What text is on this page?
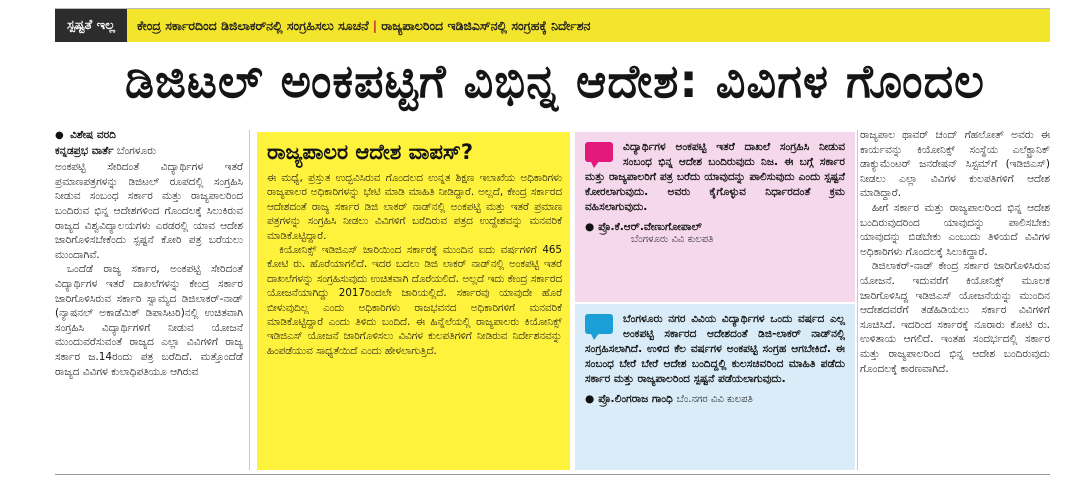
ಸ್ಪಷ್ಟತೆ ಇಲ್ಲ	ಕೇಂದ್ರ ಸರ್ಕಾರದಿಂದ ಡಿಜಿಲಾಕರ್‌ನಲ್ಲಿ ಸಂಗ್ರಹಿಸಲು ಸೂಚನೆ | ರಾಜ್ಯಪಾಲರಿಂದ ಇಡಿಜಿಎಸ್‌ನಲ್ಲಿ ಸಂಗ್ರಹಕ್ಕೆ ನಿರ್ದೇಶನ
ಡಿಜಿಟಲ್ ಅಂಕಪಟ್ಟಿಗೆ ವಿಭಿನ್ನ ಆದೇಶ: ವಿವಿಗಳ ಗೊಂದಲ
● ವಿಶೇಷ ವರದಿ
ಕನ್ನಡಪ್ರಭ ವಾರ್ತೆ ಬೆಂಗಳೂರು

ಅಂಕಪಟ್ಟಿ ಸೇರಿದಂತೆ ವಿದ್ಯಾರ್ಥಿಗಳ ಇತರೆ ಪ್ರಮಾಣಪತ್ರಗಳನ್ನು ಡಿಜಿಟಲ್ ರೂಪದಲ್ಲಿ ಸಂಗ್ರಹಿಸಿ ನೀಡುವ ಸಂಬಂಧ ಸರ್ಕಾರ ಮತ್ತು ರಾಜ್ಯಪಾಲರಿಂದ ಬಂದಿರುವ ಭಿನ್ನ ಆದೇಶಗಳಿಂದ ಗೊಂದಲಕ್ಕೆ ಸಿಲುಕಿರುವ ರಾಜ್ಯದ ವಿಶ್ವವಿದ್ಯಾಲಯಗಳು ಎರಡರಲ್ಲಿ ಯಾವ ಆದೇಶ ಜಾರಿಗೊಳಿಸಬೇಕೆಂದು ಸ್ಪಷ್ಟನೆ ಕೋರಿ ಪತ್ರ ಬರೆಯಲು ಮುಂದಾಗಿವೆ.

ಒಂದೆಡೆ ರಾಜ್ಯ ಸರ್ಕಾರ, ಅಂಕಪಟ್ಟಿ ಸೇರಿದಂತೆ ವಿದ್ಯಾರ್ಥಿಗಳ ಇತರೆ ದಾಖಲೆಗಳನ್ನು ಕೇಂದ್ರ ಸರ್ಕಾರ ಜಾರಿಗೊಳಿಸಿರುವ ಸರ್ಕಾರಿ ಸ್ವಾಮ್ಯದ ಡಿಜಿಲಾಕರ್-ನಾಡ್ (ನ್ಯಾಷನಲ್ ಅಕಾಡೆಮಿಕ್ ಡಿಪಾಸಿಟರಿ)ನಲ್ಲಿ ಉಚಿತವಾಗಿ ಸಂಗ್ರಹಿಸಿ ವಿದ್ಯಾರ್ಥಿಗಳಿಗೆ ನೀಡುವ ಯೋಜನೆ ಮುಂದುವರೆಸುವಂತೆ ರಾಜ್ಯದ ಎಲ್ಲಾ ವಿವಿಗಳಿಗೆ ರಾಜ್ಯ ಸರ್ಕಾರ ಜ.14ರಂದು ಪತ್ರ ಬರೆದಿದೆ. ಮತ್ತೊಂದೆಡೆ ರಾಜ್ಯದ ವಿವಿಗಳ ಕುಲಾಧಿಪತಿಯೂ ಆಗಿರುವ

ರಾಜ್ಯಪಾಲರ ಆದೇಶ ವಾಪಸ್?

ಈ ಮಧ್ಯೆ, ಪ್ರಸ್ತುತ ಉದ್ಭವಿಸಿರುವ ಗೊಂದಲದ ಉನ್ನತ ಶಿಕ್ಷಣ ಇಲಾಖೆಯ ಅಧಿಕಾರಿಗಳು ರಾಜ್ಯಪಾಲರ ಅಧಿಕಾರಿಗಳನ್ನು ಭೇಟಿ ಮಾಡಿ ಮಾಹಿತಿ ನೀಡಿದ್ದಾರೆ. ಅಲ್ಲದೆ, ಕೇಂದ್ರ ಸರ್ಕಾರದ ಆದೇಶದಂತೆ ರಾಜ್ಯ ಸರ್ಕಾರ ಡಿಜಿ ಲಾಕರ್ ನಾಡ್‌ನಲ್ಲಿ ಅಂಕಪಟ್ಟಿ ಮತ್ತು ಇತರೆ ಪ್ರಮಾಣ ಪತ್ರಗಳನ್ನು ಸಂಗ್ರಹಿಸಿ ನೀಡಲು ವಿವಿಗಳಿಗೆ ಬರೆದಿರುವ ಪತ್ರದ ಉದ್ದೇಶವನ್ನು ಮನವರಿಕೆ ಮಾಡಿಕೊಟ್ಟಿದ್ದಾರೆ.

ಕಿಯೋನಿಕ್ಸ್ ಇಡಿಜಿಎಸ್ ಜಾರಿಯಿಂದ ಸರ್ಕಾರಕ್ಕೆ ಮುಂದಿನ ಐದು ವರ್ಷಗಳಿಗೆ 465 ಕೋಟಿ ರು. ಹೊರೆಯಾಗಲಿದೆ. ಇದರ ಬದಲು ಡಿಜಿ ಲಾಕರ್ ನಾಡ್‌ನಲ್ಲಿ ಅಂಕಪಟ್ಟಿ ಇತರೆ ದಾಖಲೆಗಳನ್ನು ಸಂಗ್ರಹಿಸುವುದು ಉಚಿತವಾಗಿ ದೊರೆಯಲಿದೆ. ಅಲ್ಲದೆ ಇದು ಕೇಂದ್ರ ಸರ್ಕಾರದ ಯೋಜನೆಯಾಗಿದ್ದು 2017ರಿಂದಲೇ ಜಾರಿಯಲ್ಲಿದೆ. ಸರ್ಕಾರವು ಯಾವುದೇ ಹೊರೆ ಬೀಳುವುದಿಲ್ಲ ಎಂದು ಅಧಿಕಾರಿಗಳು ರಾಜಭವನದ ಅಧಿಕಾರಿಗಳಿಗೆ ಮನವರಿಕೆ ಮಾಡಿಕೊಟ್ಟಿದ್ದಾರೆ ಎಂದು ತಿಳಿದು ಬಂದಿದೆ. ಈ ಹಿನ್ನೆಲೆಯಲ್ಲಿ ರಾಜ್ಯಪಾಲರು ಕಿಯೋನಿಕ್ಸ್ ಇಡಿಜಿಎಸ್ ಯೋಜನೆ ಜಾರಿಗೊಳಿಸಲು ವಿವಿಗಳ ಕುಲಪತಿಗಳಿಗೆ ನೀಡಿರುವ ನಿರ್ದೇಶನವನ್ನು ಹಿಂಪಡೆಯುವ ಸಾಧ್ಯತೆಯಿದೆ ಎಂದು ಹೇಳಲಾಗುತ್ತಿದೆ.

ವಿದ್ಯಾರ್ಥಿಗಳ ಅಂಕಪಟ್ಟಿ ಇತರೆ ದಾಖಲೆ ಸಂಗ್ರಹಿಸಿ ನೀಡುವ ಸಂಬಂಧ ಭಿನ್ನ ಆದೇಶ ಬಂದಿರುವುದು ನಿಜ. ಈ ಬಗ್ಗೆ ಸರ್ಕಾರ ಮತ್ತು ರಾಜ್ಯಪಾಲರಿಗೆ ಪತ್ರ ಬರೆದು ಯಾವುದನ್ನು ಪಾಲಿಸುವುದು ಎಂದು ಸ್ಪಷ್ಟನೆ ಕೋರಲಾಗುವುದು. ಅವರು ಕೈಗೊಳ್ಳುವ ನಿರ್ಧಾರದಂತೆ ಕ್ರಮ ವಹಿಸಲಾಗುವುದು.
● ಪ್ರೊ.ಕೆ.ಆರ್.ವೇಣುಗೋಪಾಲ್
ಬೆಂಗಳೂರು ವಿವಿ ಕುಲಪತಿ
ಬೆಂಗಳೂರು ನಗರ ವಿವಿಯ ವಿದ್ಯಾರ್ಥಿಗಳ ಒಂದು ವರ್ಷದ ಎಲ್ಲ ಅಂಕಪಟ್ಟಿ ಸರ್ಕಾರದ ಆದೇಶದಂತೆ ಡಿಜಿ-ಲಾಕರ್ ನಾಡ್‌ನಲ್ಲಿ ಸಂಗ್ರಹಿಸಲಾಗಿದೆ. ಉಳಿದ ಕೆಲ ವರ್ಷಗಳ ಅಂಕಪಟ್ಟಿ ಸಂಗ್ರಹ ಆಗಬೇಕಿದೆ. ಈ ಸಂಬಂಧ ಬೇರೆ ಬೇರೆ ಆದೇಶ ಬಂದಿದ್ದಲ್ಲಿ ಕುಲಸಚಿವರಿಂದ ಮಾಹಿತಿ ಪಡೆದು ಸರ್ಕಾರ ಮತ್ತು ರಾಜ್ಯಪಾಲರಿಂದ ಸ್ಪಷ್ಟನೆ ಪಡೆಯಲಾಗುವುದು.
● ಪ್ರೊ.ಲಿಂಗರಾಜ ಗಾಂಧಿ ಬೆಂ.ನಗರ ವಿವಿ ಕುಲಪತಿ

ರಾಜ್ಯಪಾಲ ಥಾವರ್ ಚಂದ್ ಗೆಹಲೋತ್ ಅವರು ಈ ಕಾರ್ಯವನ್ನು ಕಿಯೋನಿಕ್ಸ್ ಸಂಸ್ಥೆಯ ಎಲೆಕ್ಟ್ರಾನಿಕ್ ಡಾಕ್ಯುಮೆಂಟರ್ ಜನರೇಷನ್ ಸಿಸ್ಟಮ್‌ಗೆ (ಇಡಿಜಿಎಸ್) ನೀಡಲು ಎಲ್ಲಾ ವಿವಿಗಳ ಕುಲಪತಿಗಳಿಗೆ ಆದೇಶ ಮಾಡಿದ್ದಾರೆ.

ಹೀಗೆ ಸರ್ಕಾರ ಮತ್ತು ರಾಜ್ಯಪಾಲರಿಂದ ಭಿನ್ನ ಆದೇಶ ಬಂದಿರುವುದರಿಂದ ಯಾವುದನ್ನು ಪಾಲಿಸಬೇಕು ಯಾವುದನ್ನು ಬಿಡಬೇಕು ಎಂಬುದು ತಿಳಿಯದೆ ವಿವಿಗಳ ಅಧಿಕಾರಿಗಳು ಗೊಂದಲಕ್ಕೆ ಸಿಲುಕಿದ್ದಾರೆ.

ಡಿಜಿಲಾಕರ್-ನಾಡ್ ಕೇಂದ್ರ ಸರ್ಕಾರ ಜಾರಿಗೊಳಿಸಿರುವ ಯೋಜನೆ. ಇದುವರೆಗೆ ಕಿಯೋನಿಕ್ಸ್ ಮೂಲಕ ಜಾರಿಗೊಳಿಸಿದ್ದ ಇಡಿಜಿಎಸ್ ಯೋಜನೆಯನ್ನು ಮುಂದಿನ ಆದೇಶದವರೆಗೆ ತಡೆಹಿಡಿಯಲು ಸರ್ಕಾರ ವಿವಿಗಳಿಗೆ ಸೂಚಿಸಿದೆ. ಇದರಿಂದ ಸರ್ಕಾರಕ್ಕೆ ನೂರಾರು ಕೋಟಿ ರು. ಉಳಿತಾಯ ಆಗಲಿದೆ. ಇಂತಹ ಸಂದರ್ಭದಲ್ಲಿ ಸರ್ಕಾರ ಮತ್ತು ರಾಜ್ಯಪಾಲರಿಂದ ಭಿನ್ನ ಆದೇಶ ಬಂದಿರುವುದು ಗೊಂದಲಕ್ಕೆ ಕಾರಣವಾಗಿದೆ.
